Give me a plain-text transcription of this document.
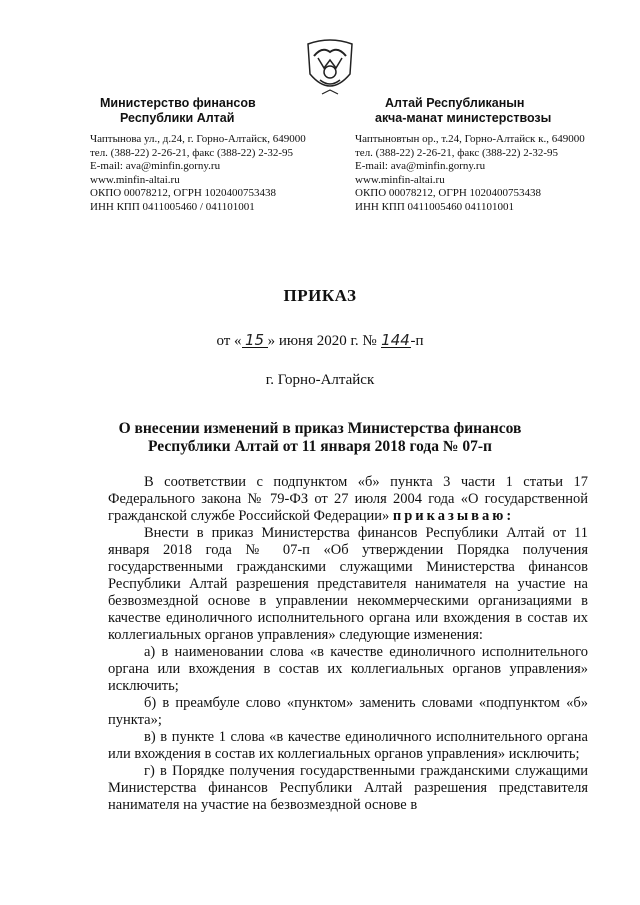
Министерство финансов
Республики Алтай
Чаптынова ул., д.24, г. Горно-Алтайск, 649000
тел. (388-22) 2-26-21, факс (388-22) 2-32-95
E-mail: ava@minfin.gorny.ru
www.minfin-altai.ru
ОКПО 00078212, ОГРН 1020400753438
ИНН КПП 0411005460 / 041101001
Алтай Республиканын
акча-манат министерствозы
Чаптыновтын ор., т.24, Горно-Алтайск к., 649000
тел. (388-22) 2-26-21, факс (388-22) 2-32-95
E-mail: ava@minfin.gorny.ru
www.minfin-altai.ru
ОКПО 00078212, ОГРН 1020400753438
ИНН КПП 0411005460 041101001
ПРИКАЗ
от « 15 » июня 2020 г. № 144-п
г. Горно-Алтайск
О внесении изменений в приказ Министерства финансов
Республики Алтай от 11 января 2018 года № 07-п

В соответствии с подпунктом «б» пункта 3 части 1 статьи 17 Федерального закона № 79-ФЗ от 27 июля 2004 года «О государственной гражданской службе Российской Федерации» приказываю:

Внести в приказ Министерства финансов Республики Алтай от 11 января 2018 года № 07-п «Об утверждении Порядка получения государственными гражданскими служащими Министерства финансов Республики Алтай разрешения представителя нанимателя на участие на безвозмездной основе в управлении некоммерческими организациями в качестве единоличного исполнительного органа или вхождения в состав их коллегиальных органов управления» следующие изменения:

а) в наименовании слова «в качестве единоличного исполнительного органа или вхождения в состав их коллегиальных органов управления» исключить;

б) в преамбуле слово «пунктом» заменить словами «подпунктом «б» пункта»;

в) в пункте 1 слова «в качестве единоличного исполнительного органа или вхождения в состав их коллегиальных органов управления» исключить;

г) в Порядке получения государственными гражданскими служащими Министерства финансов Республики Алтай разрешения представителя нанимателя на участие на безвозмездной основе в
